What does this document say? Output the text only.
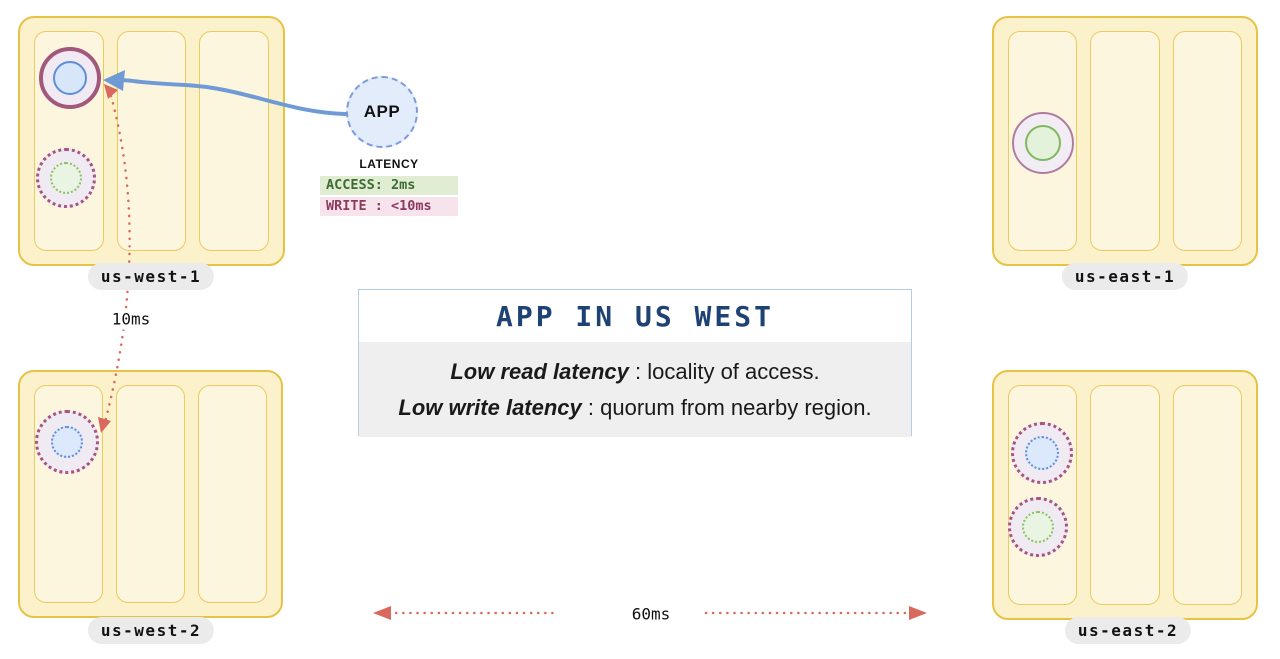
APP
LATENCY
ACCESS: 2ms
WRITE : <10ms
10ms
60ms
us-west-1	us-east-1
us-west-2	us-east-2
APP IN US WEST
Low read latency : locality of access.
Low write latency : quorum from nearby region.
